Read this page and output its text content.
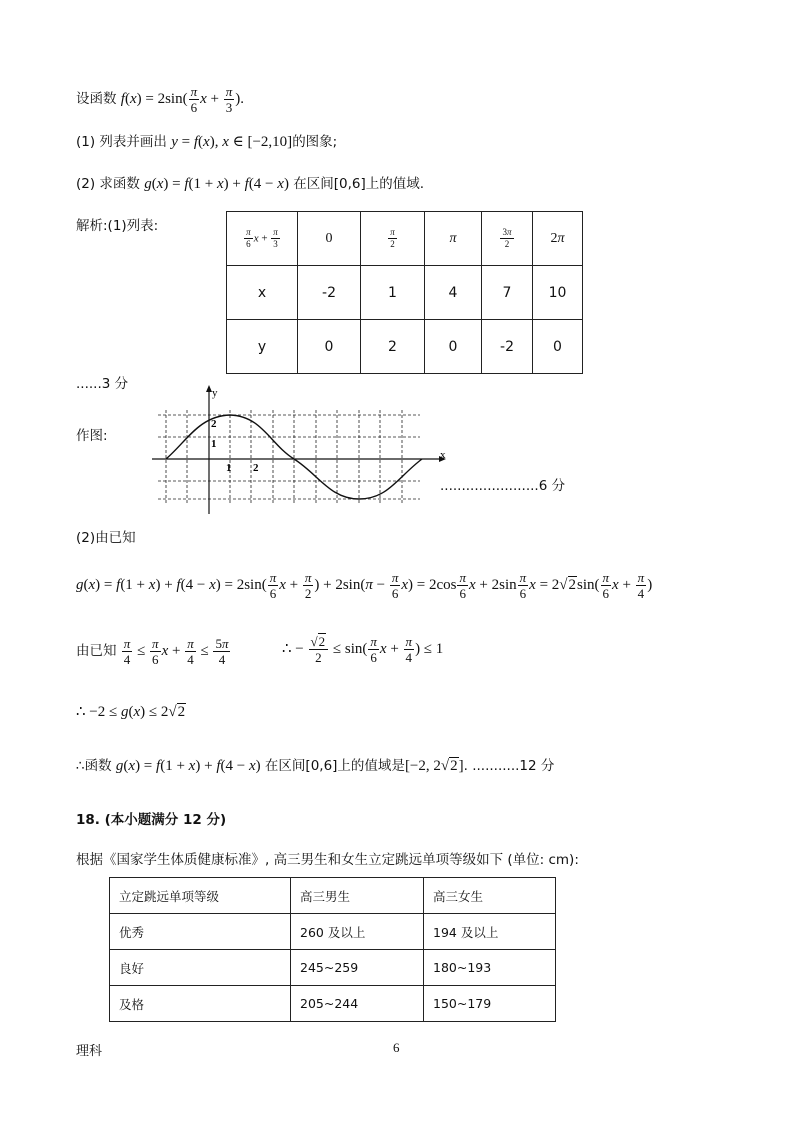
设函数 $f(x) = 2\sin( \frac{\pi}{6}$ $x + \frac{\pi}{3}$ ).
(1) 列表并画出 y = f(x), x ∈ [−2,10]的图象;
(2) 求函数 g(x) = f(1 + x) + f(4 − x) 在区间[0,6]上的值域.
解析:(1)列表:
$\frac{\pi}{6}$ $x + \frac{\pi}{3}$	0	$\frac{\pi}{2}$	π	$\frac{3\pi}{2}$	2π
x	-2	1	4	7	10
y	0	2	0	-2	0
......3 分
作图:
y
x
2
1
1 2
.......................6 分
(2)由已知
$g(x) = f(1 + x) + f(4 - x) = 2\sin( \frac{\pi}{6}$ $x + \frac{\pi}{2}$ ) + $2\sin(\pi - \frac{\pi}{6} x) = 2\cos \frac{\pi}{6}$ $x + 2\sin \frac{\pi}{6}$ $x = 2√2\sin( \frac{\pi}{6}$ $x + \frac{\pi}{4}$ )
由已知 $\frac{\pi}{4} \le \frac{\pi}{6}$ $x + \frac{\pi}{4} \le \frac{5\pi}{4}$	∴ − $\frac{√2}{2} \le \sin( \frac{\pi}{6}$ $x + \frac{\pi}{4}$ ) ≤ 1
∴ −2 ≤ g(x) ≤ 2√2
∴函数 g(x) = f(1 + x) + f(4 − x) 在区间[0,6]上的值域是[−2, 2√2]. ...........12 分
18. (本小题满分 12 分)
根据《国家学生体质健康标准》, 高三男生和女生立定跳远单项等级如下 (单位: cm):
立定跳远单项等级	高三男生	高三女生
优秀	260 及以上	194 及以上
良好	245~259	180~193
及格	205~244	150~179
理科	6
